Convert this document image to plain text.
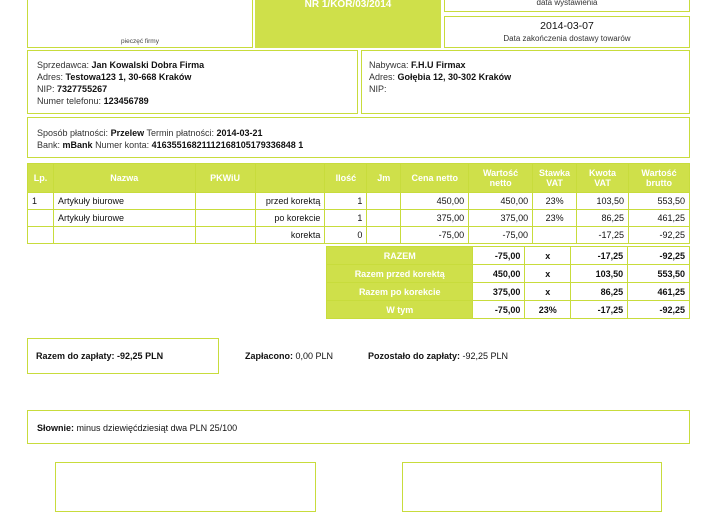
pieczęć firmy
NR 1/KOR/03/2014	data wystawienia
2014-03-07
Data zakończenia dostawy towarów
Sprzedawca: Jan Kowalski Dobra Firma
Adres: Testowa123 1, 30-668 Kraków
NIP: 7327755267
Numer telefonu: 123456789
Nabywca: F.H.U Firmax
Adres: Gołębia 12, 30-302 Kraków
NIP:
Sposób płatności: Przelew Termin płatności: 2014-03-21
Bank: mBank Numer konta: 41635516821112168105179336848 1
Lp.	Nazwa	PKWiU		Ilość	Jm	Cena netto	Wartość netto	Stawka VAT	Kwota VAT	Wartość brutto
1	Artykuły biurowe		przed korektą	1		450,00	450,00	23%	103,50	553,50
	Artykuły biurowe		po korekcie	1		375,00	375,00	23%	86,25	461,25
			korekta	0		-75,00	-75,00		-17,25	-92,25
RAZEM	-75,00	x	-17,25	-92,25
Razem przed korektą	450,00	x	103,50	553,50
Razem po korekcie	375,00	x	86,25	461,25
W tym	-75,00	23%	-17,25	-92,25
Razem do zapłaty: -92,25 PLN	Zapłacono: 0,00 PLN	Pozostało do zapłaty: -92,25 PLN
Słownie: minus dziewięćdziesiąt dwa PLN 25/100
